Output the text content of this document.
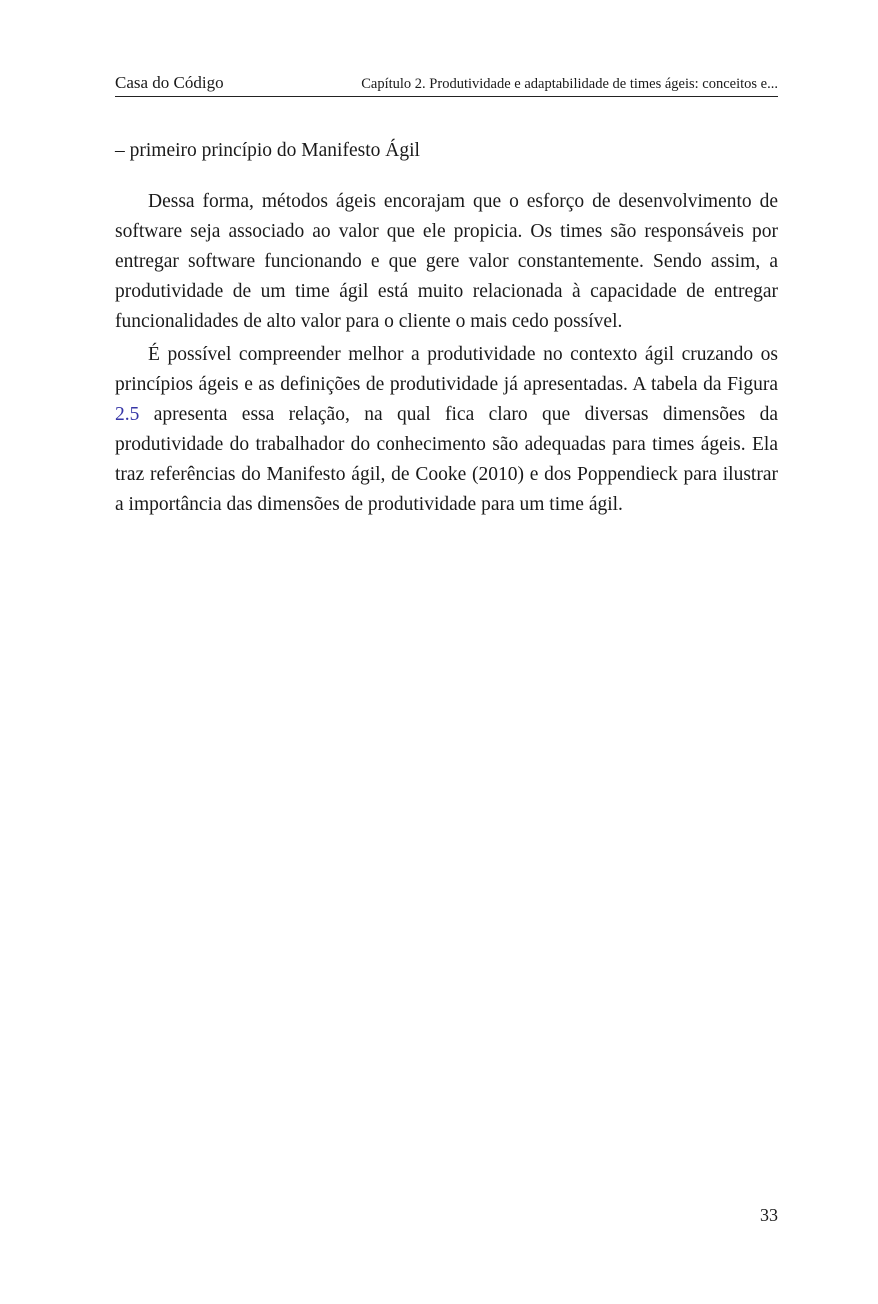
Casa do Código	Capítulo 2. Produtividade e adaptabilidade de times ágeis: conceitos e...
– primeiro princípio do Manifesto Ágil

Dessa forma, métodos ágeis encorajam que o esforço de desenvolvimento de software seja associado ao valor que ele propicia. Os times são responsáveis por entregar software funcionando e que gere valor constantemente. Sendo assim, a produtividade de um time ágil está muito relacionada à capacidade de entregar funcionalidades de alto valor para o cliente o mais cedo possível.

É possível compreender melhor a produtividade no contexto ágil cruzando os princípios ágeis e as definições de produtividade já apresentadas. A tabela da Figura 2.5 apresenta essa relação, na qual fica claro que diversas dimensões da produtividade do trabalhador do conhecimento são adequadas para times ágeis. Ela traz referências do Manifesto ágil, de Cooke (2010) e dos Poppendieck para ilustrar a importância das dimensões de produtividade para um time ágil.

33
